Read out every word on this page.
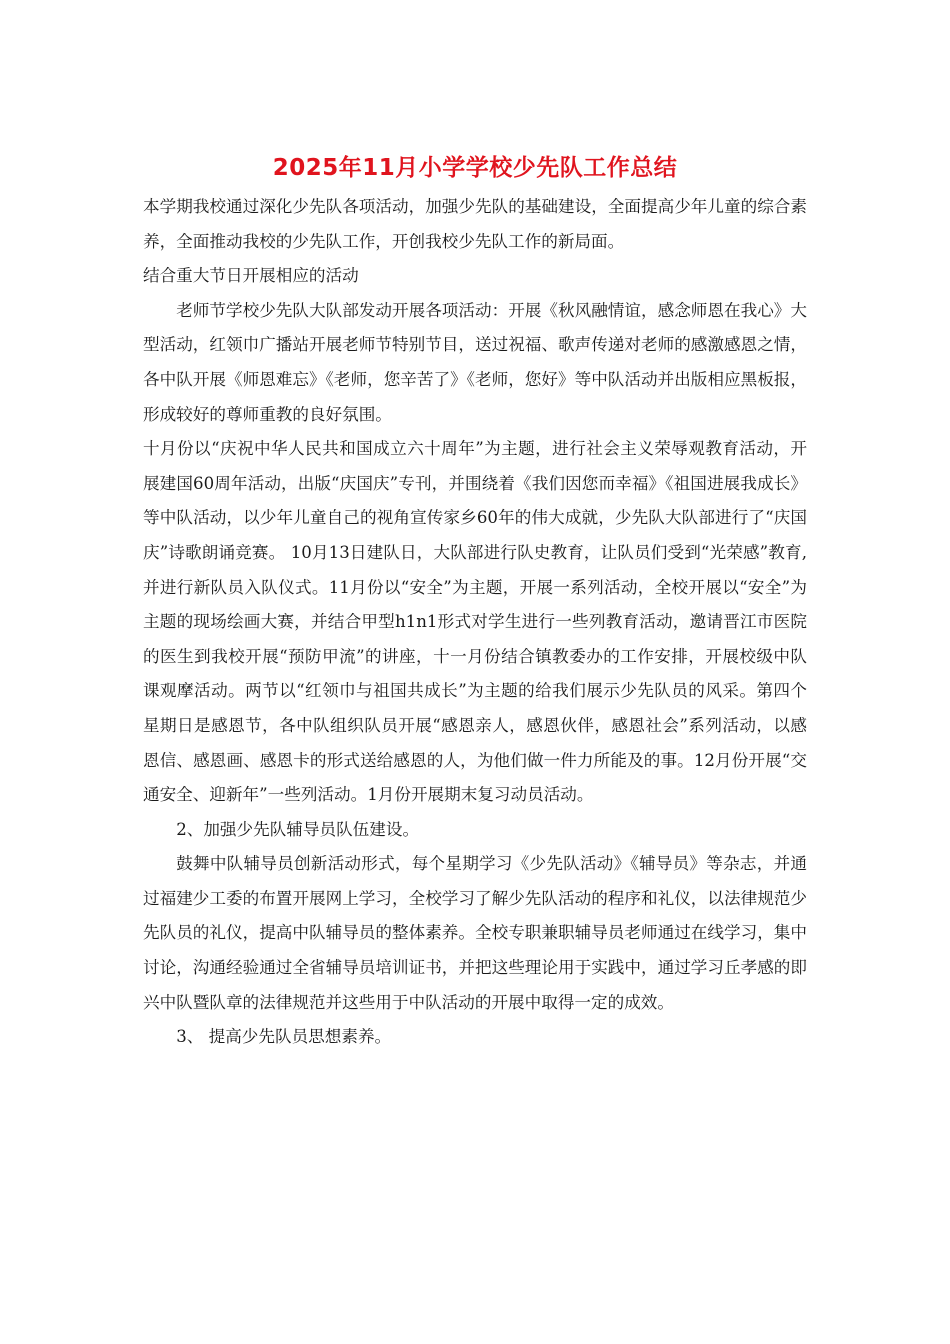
2025年11月小学学校少先队工作总结

本学期我校通过深化少先队各项活动，加强少先队的基础建设，全面提高少年儿童的综合素养，全面推动我校的少先队工作，开创我校少先队工作的新局面。

结合重大节日开展相应的活动

老师节学校少先队大队部发动开展各项活动：开展《秋风融情谊，感念师恩在我心》大型活动，红领巾广播站开展老师节特别节目，送过祝福、歌声传递对老师的感激感恩之情，各中队开展《师恩难忘》《老师，您辛苦了》《老师，您好》等中队活动并出版相应黑板报，形成较好的尊师重教的良好氛围。

十月份以“庆祝中华人民共和国成立六十周年”为主题，进行社会主义荣辱观教育活动，开展建国60周年活动，出版“庆国庆”专刊，并围绕着《我们因您而幸福》《祖国进展我成长》等中队活动，以少年儿童自己的视角宣传家乡60年的伟大成就，少先队大队部进行了“庆国庆”诗歌朗诵竞赛。 10月13日建队日，大队部进行队史教育，让队员们受到“光荣感”教育,并进行新队员入队仪式。11月份以“安全”为主题，开展一系列活动，全校开展以“安全”为主题的现场绘画大赛，并结合甲型h1n1形式对学生进行一些列教育活动，邀请晋江市医院的医生到我校开展“预防甲流”的讲座，十一月份结合镇教委办的工作安排，开展校级中队课观摩活动。两节以“红领巾与祖国共成长”为主题的给我们展示少先队员的风采。第四个星期日是感恩节，各中队组织队员开展“感恩亲人，感恩伙伴，感恩社会”系列活动，以感恩信、感恩画、感恩卡的形式送给感恩的人，为他们做一件力所能及的事。12月份开展“交通安全、迎新年”一些列活动。1月份开展期末复习动员活动。

2、加强少先队辅导员队伍建设。

鼓舞中队辅导员创新活动形式，每个星期学习《少先队活动》《辅导员》等杂志，并通过福建少工委的布置开展网上学习，全校学习了解少先队活动的程序和礼仪，以法律规范少先队员的礼仪，提高中队辅导员的整体素养。全校专职兼职辅导员老师通过在线学习，集中讨论，沟通经验通过全省辅导员培训证书，并把这些理论用于实践中，通过学习丘孝感的即兴中队暨队章的法律规范并这些用于中队活动的开展中取得一定的成效。

3、 提高少先队员思想素养。
